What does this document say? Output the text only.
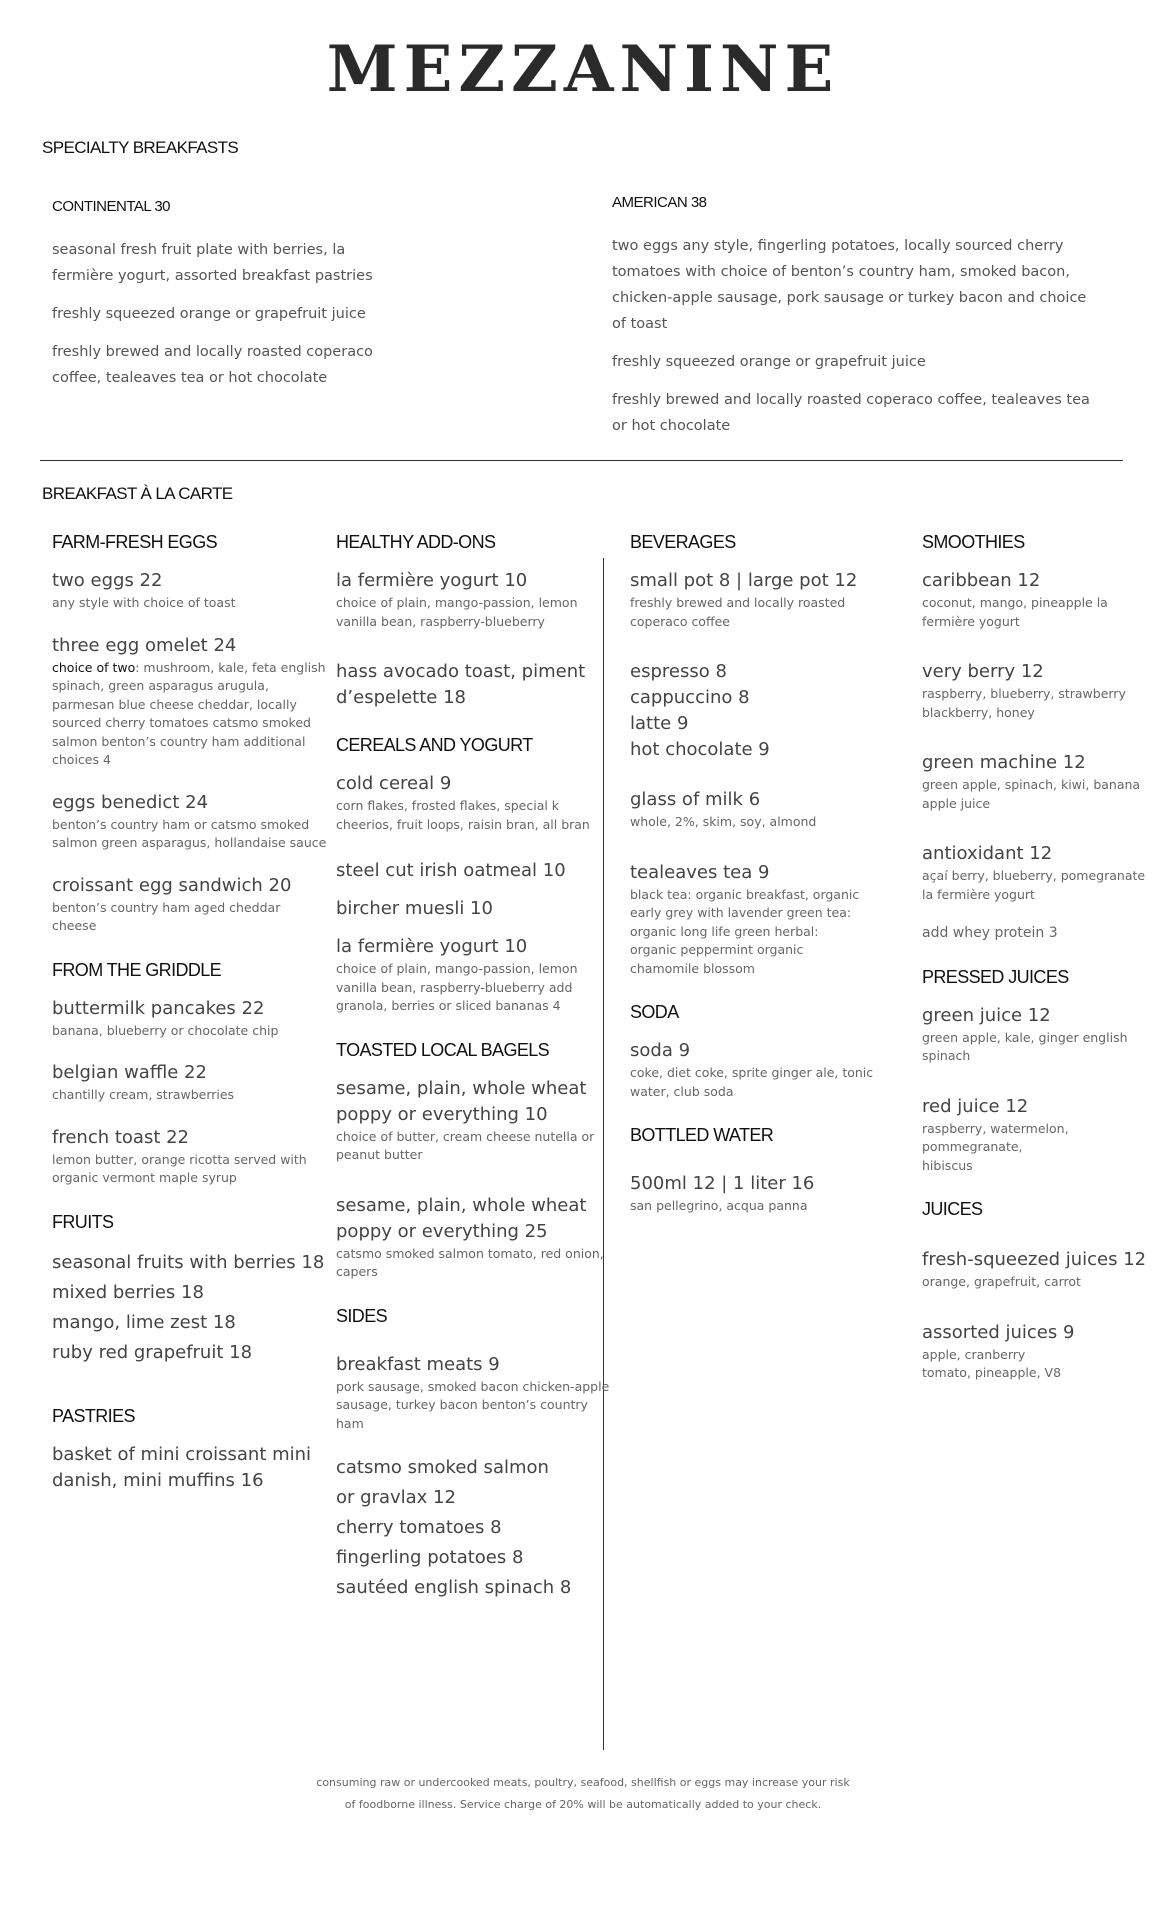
MEZZANINE
SPECIALTY BREAKFASTS
CONTINENTAL 30

seasonal fresh fruit plate with berries, la fermière yogurt, assorted breakfast pastries

freshly squeezed orange or grapefruit juice

freshly brewed and locally roasted coperaco coffee, tealeaves tea or hot chocolate

AMERICAN 38

two eggs any style, fingerling potatoes, locally sourced cherry tomatoes with choice of benton’s country ham, smoked bacon, chicken-apple sausage, pork sausage or turkey bacon and choice of toast

freshly squeezed orange or grapefruit juice

freshly brewed and locally roasted coperaco coffee, tealeaves tea or hot chocolate

BREAKFAST À LA CARTE
FARM-FRESH EGGS
two eggs 22
any style with choice of toast
three egg omelet 24
choice of two: mushroom, kale, feta english spinach, green asparagus arugula, parmesan blue cheese cheddar, locally sourced cherry tomatoes catsmo smoked salmon benton’s country ham additional choices 4
eggs benedict 24
benton’s country ham or catsmo smoked salmon green asparagus, hollandaise sauce
croissant egg sandwich 20
benton’s country ham aged cheddar cheese
FROM THE GRIDDLE
buttermilk pancakes 22
banana, blueberry or chocolate chip
belgian waffle 22
chantilly cream, strawberries
french toast 22
lemon butter, orange ricotta served with organic vermont maple syrup
FRUITS
seasonal fruits with berries 18
mixed berries 18
mango, lime zest 18
ruby red grapefruit 18
PASTRIES
basket of mini croissant mini danish, mini muffins 16
HEALTHY ADD-ONS
la fermière yogurt 10
choice of plain, mango-passion, lemon vanilla bean, raspberry-blueberry
hass avocado toast, piment d’espelette 18
CEREALS AND YOGURT
cold cereal 9
corn flakes, frosted flakes, special k cheerios, fruit loops, raisin bran, all bran
steel cut irish oatmeal 10
bircher muesli 10
la fermière yogurt 10
choice of plain, mango-passion, lemon vanilla bean, raspberry-blueberry add granola, berries or sliced bananas 4
TOASTED LOCAL BAGELS
sesame, plain, whole wheat poppy or everything 10
choice of butter, cream cheese nutella or peanut butter
sesame, plain, whole wheat poppy or everything 25
catsmo smoked salmon tomato, red onion, capers
SIDES
breakfast meats 9
pork sausage, smoked bacon chicken-apple sausage, turkey bacon benton’s country ham
catsmo smoked salmon
or gravlax 12
cherry tomatoes 8
fingerling potatoes 8
sautéed english spinach 8
BEVERAGES
small pot 8 | large pot 12
freshly brewed and locally roasted coperaco coffee
espresso 8
cappuccino 8
latte 9
hot chocolate 9
glass of milk 6
whole, 2%, skim, soy, almond
tealeaves tea 9
black tea: organic breakfast, organic early grey with lavender green tea: organic long life green herbal: organic peppermint organic chamomile blossom
SODA
soda 9
coke, diet coke, sprite ginger ale, tonic water, club soda
BOTTLED WATER
500ml 12 | 1 liter 16
san pellegrino, acqua panna
SMOOTHIES
caribbean 12
coconut, mango, pineapple la fermière yogurt
very berry 12
raspberry, blueberry, strawberry blackberry, honey
green machine 12
green apple, spinach, kiwi, banana apple juice
antioxidant 12
açaí berry, blueberry, pomegranate la fermière yogurt
add whey protein 3
PRESSED JUICES
green juice 12
green apple, kale, ginger english spinach
red juice 12
raspberry, watermelon, pommegranate, hibiscus
JUICES
fresh-squeezed juices 12
orange, grapefruit, carrot
assorted juices 9
apple, cranberry tomato, pineapple, V8
consuming raw or undercooked meats, poultry, seafood, shellfish or eggs may increase your risk
of foodborne illness. Service charge of 20% will be automatically added to your check.
